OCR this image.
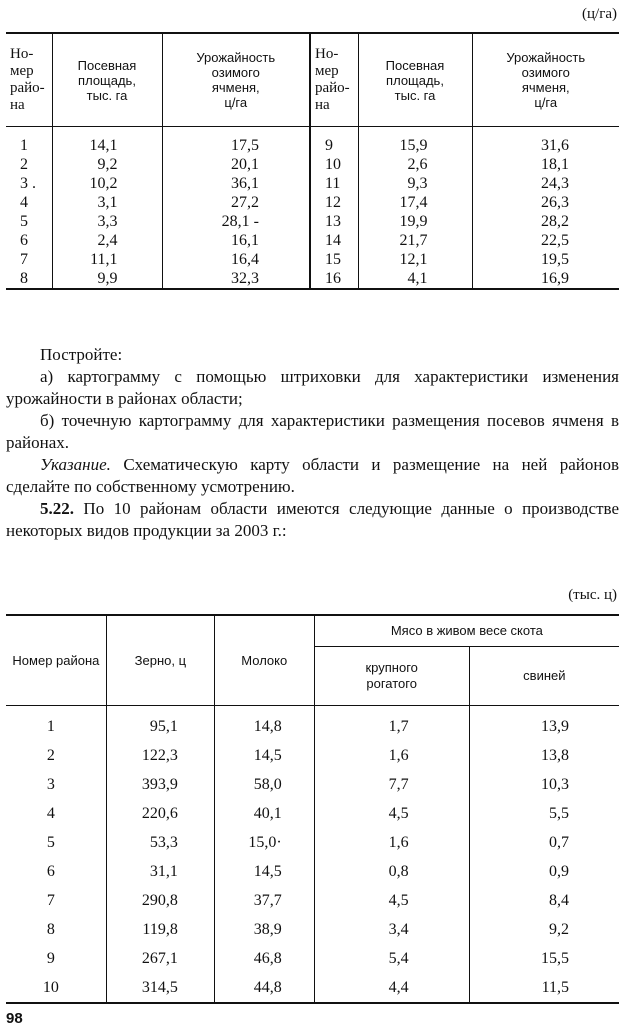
(ц/га)
Но-
мер
райо-
на	Посевная
площадь,
тыс. га	Урожайность
озимого
ячменя,
ц/га	Но-
мер
райо-
на	Посевная
площадь,
тыс. га	Урожайность
озимого
ячменя,
ц/га
1	14,1	17,5	9	15,9	31,6
2	9,2	20,1	10	2,6	18,1
3 .	10,2	36,1	11	9,3	24,3
4	3,1	27,2	12	17,4	26,3
5	3,3	28,1 -	13	19,9	28,2
6	2,4	16,1	14	21,7	22,5
7	11,1	16,4	15	12,1	19,5
8	9,9	32,3	16	4,1	16,9

Постройте:

а) картограмму с помощью штриховки для характеристики изменения урожайности в районах области;

б) точечную картограмму для характеристики размещения посевов ячменя в районах.

Указание. Схематическую карту области и размещение на ней районов сделайте по собственному усмотрению.

5.22. По 10 районам области имеются следующие данные о производстве некоторых видов продукции за 2003 г.:

(тыс. ц)
Номер района	Зерно, ц	Молоко	Мясо в живом весе скота	
			крупного рогатого	свиней
1	95,1	14,8	1,7	13,9
2	122,3	14,5	1,6	13,8
3	393,9	58,0	7,7	10,3
4	220,6	40,1	4,5	5,5
5	53,3	15,0·	1,6	0,7
6	31,1	14,5	0,8	0,9
7	290,8	37,7	4,5	8,4
8	119,8	38,9	3,4	9,2
9	267,1	46,8	5,4	15,5
10	314,5	44,8	4,4	11,5
98
